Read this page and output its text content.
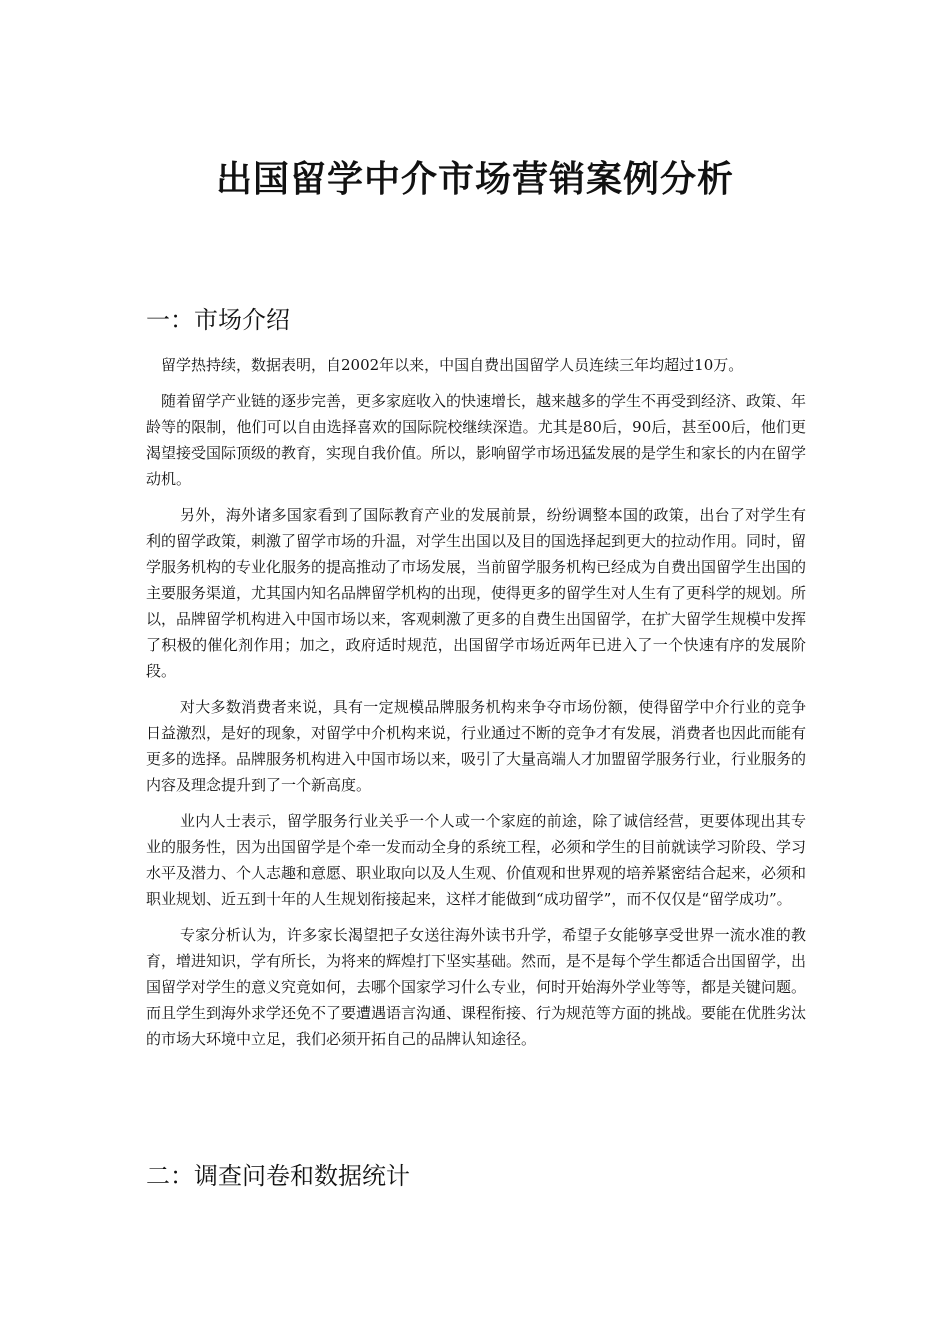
出国留学中介市场营销案例分析
一：市场介绍

留学热持续，数据表明，自2002年以来，中国自费出国留学人员连续三年均超过10万。

随着留学产业链的逐步完善，更多家庭收入的快速增长，越来越多的学生不再受到经济、政策、年龄等的限制，他们可以自由选择喜欢的国际院校继续深造。尤其是80后，90后，甚至00后，他们更渴望接受国际顶级的教育，实现自我价值。所以，影响留学市场迅猛发展的是学生和家长的内在留学动机。

另外，海外诸多国家看到了国际教育产业的发展前景，纷纷调整本国的政策，出台了对学生有利的留学政策，刺激了留学市场的升温，对学生出国以及目的国选择起到更大的拉动作用。同时，留学服务机构的专业化服务的提高推动了市场发展，当前留学服务机构已经成为自费出国留学生出国的主要服务渠道，尤其国内知名品牌留学机构的出现，使得更多的留学生对人生有了更科学的规划。所以，品牌留学机构进入中国市场以来，客观刺激了更多的自费生出国留学，在扩大留学生规模中发挥了积极的催化剂作用；加之，政府适时规范，出国留学市场近两年已进入了一个快速有序的发展阶段。

对大多数消费者来说，具有一定规模品牌服务机构来争夺市场份额，使得留学中介行业的竞争日益激烈，是好的现象，对留学中介机构来说，行业通过不断的竞争才有发展，消费者也因此而能有更多的选择。品牌服务机构进入中国市场以来，吸引了大量高端人才加盟留学服务行业，行业服务的内容及理念提升到了一个新高度。

业内人士表示，留学服务行业关乎一个人或一个家庭的前途，除了诚信经营，更要体现出其专业的服务性，因为出国留学是个牵一发而动全身的系统工程，必须和学生的目前就读学习阶段、学习水平及潜力、个人志趣和意愿、职业取向以及人生观、价值观和世界观的培养紧密结合起来，必须和职业规划、近五到十年的人生规划衔接起来，这样才能做到“成功留学”，而不仅仅是“留学成功”。

专家分析认为，许多家长渴望把子女送往海外读书升学，希望子女能够享受世界一流水准的教育，增进知识，学有所长，为将来的辉煌打下坚实基础。然而，是不是每个学生都适合出国留学，出国留学对学生的意义究竟如何，去哪个国家学习什么专业，何时开始海外学业等等，都是关键问题。而且学生到海外求学还免不了要遭遇语言沟通、课程衔接、行为规范等方面的挑战。要能在优胜劣汰的市场大环境中立足，我们必须开拓自己的品牌认知途径。

二：调查问卷和数据统计
